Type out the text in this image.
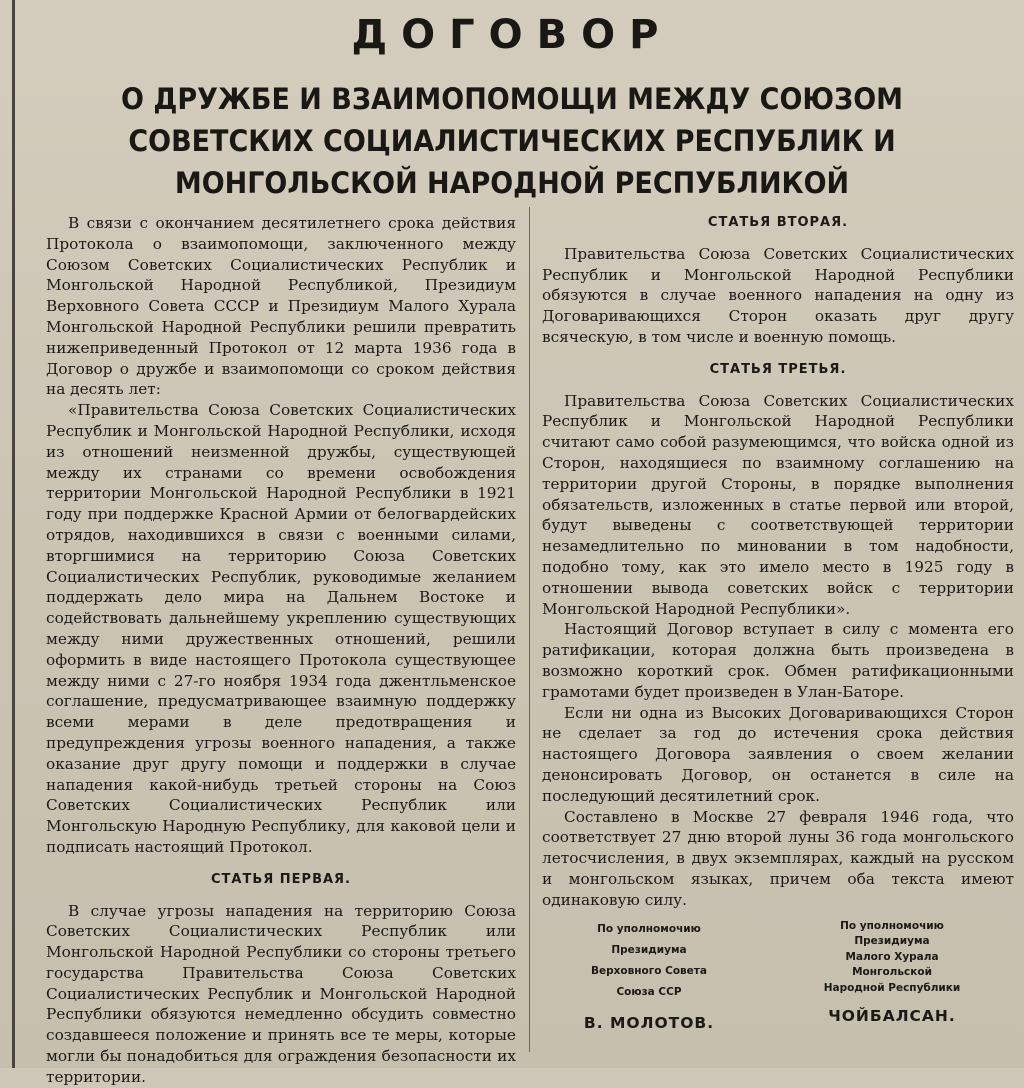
ДОГОВОР
О ДРУЖБЕ И ВЗАИМОПОМОЩИ МЕЖДУ СОЮЗОМ СОВЕТСКИХ СОЦИАЛИСТИЧЕСКИХ РЕСПУБЛИК И МОНГОЛЬСКОЙ НАРОДНОЙ РЕСПУБЛИКОЙ

В связи с окончанием десятилетнего срока действия Протокола о взаимопомощи, заключенного между Союзом Советских Социалистических Республик и Монгольской Народной Республикой, Президиум Верховного Совета СССР и Президиум Малого Хурала Монгольской Народной Республики решили превратить нижеприведенный Протокол от 12 марта 1936 года в Договор о дружбе и взаимопомощи со сроком действия на десять лет:

«Правительства Союза Советских Социалистических Республик и Монгольской Народной Республики, исходя из отношений неизменной дружбы, существующей между их странами со времени освобождения территории Монгольской Народной Республики в 1921 году при поддержке Красной Армии от белогвардейских отрядов, находившихся в связи с военными силами, вторгшимися на территорию Союза Советских Социалистических Республик, руководимые желанием поддержать дело мира на Дальнем Востоке и содействовать дальнейшему укреплению существующих между ними дружественных отношений, решили оформить в виде настоящего Протокола существующее между ними с 27-го ноября 1934 года джентльменское соглашение, предусматривающее взаимную поддержку всеми мерами в деле предотвращения и предупреждения угрозы военного нападения, а также оказание друг другу помощи и поддержки в случае нападения какой-нибудь третьей стороны на Союз Советских Социалистических Республик или Монгольскую Народную Республику, для каковой цели и подписать настоящий Протокол.

СТАТЬЯ ПЕРВАЯ.

В случае угрозы нападения на территорию Союза Советских Социалистических Республик или Монгольской Народной Республики со стороны третьего государства Правительства Союза Советских Социалистических Республик и Монгольской Народной Республики обязуются немедленно обсудить совместно создавшееся положение и принять все те меры, которые могли бы понадобиться для ограждения безопасности их территории.

СТАТЬЯ ВТОРАЯ.

Правительства Союза Советских Социалистических Республик и Монгольской Народной Республики обязуются в случае военного нападения на одну из Договаривающихся Сторон оказать друг другу всяческую, в том числе и военную помощь.

СТАТЬЯ ТРЕТЬЯ.

Правительства Союза Советских Социалистических Республик и Монгольской Народной Республики считают само собой разумеющимся, что войска одной из Сторон, находящиеся по взаимному соглашению на территории другой Стороны, в порядке выполнения обязательств, изложенных в статье первой или второй, будут выведены с соответствующей территории незамедлительно по миновании в том надобности, подобно тому, как это имело место в 1925 году в отношении вывода советских войск с территории Монгольской Народной Республики».

Настоящий Договор вступает в силу с момента его ратификации, которая должна быть произведена в возможно короткий срок. Обмен ратификационными грамотами будет произведен в Улан-Баторе.

Если ни одна из Высоких Договаривающихся Сторон не сделает за год до истечения срока действия настоящего Договора заявления о своем желании денонсировать Договор, он останется в силе на последующий десятилетний срок.

Составлено в Москве 27 февраля 1946 года, что соответствует 27 дню второй луны 36 года монгольского летосчисления, в двух экземплярах, каждый на русском и монгольском языках, причем оба текста имеют одинаковую силу.

По уполномочию
Президиума
Верховного Совета
Союза ССР
В. МОЛОТОВ.
По уполномочию
Президиума
Малого Хурала
Монгольской
Народной Республики
ЧОЙБАЛСАН.
